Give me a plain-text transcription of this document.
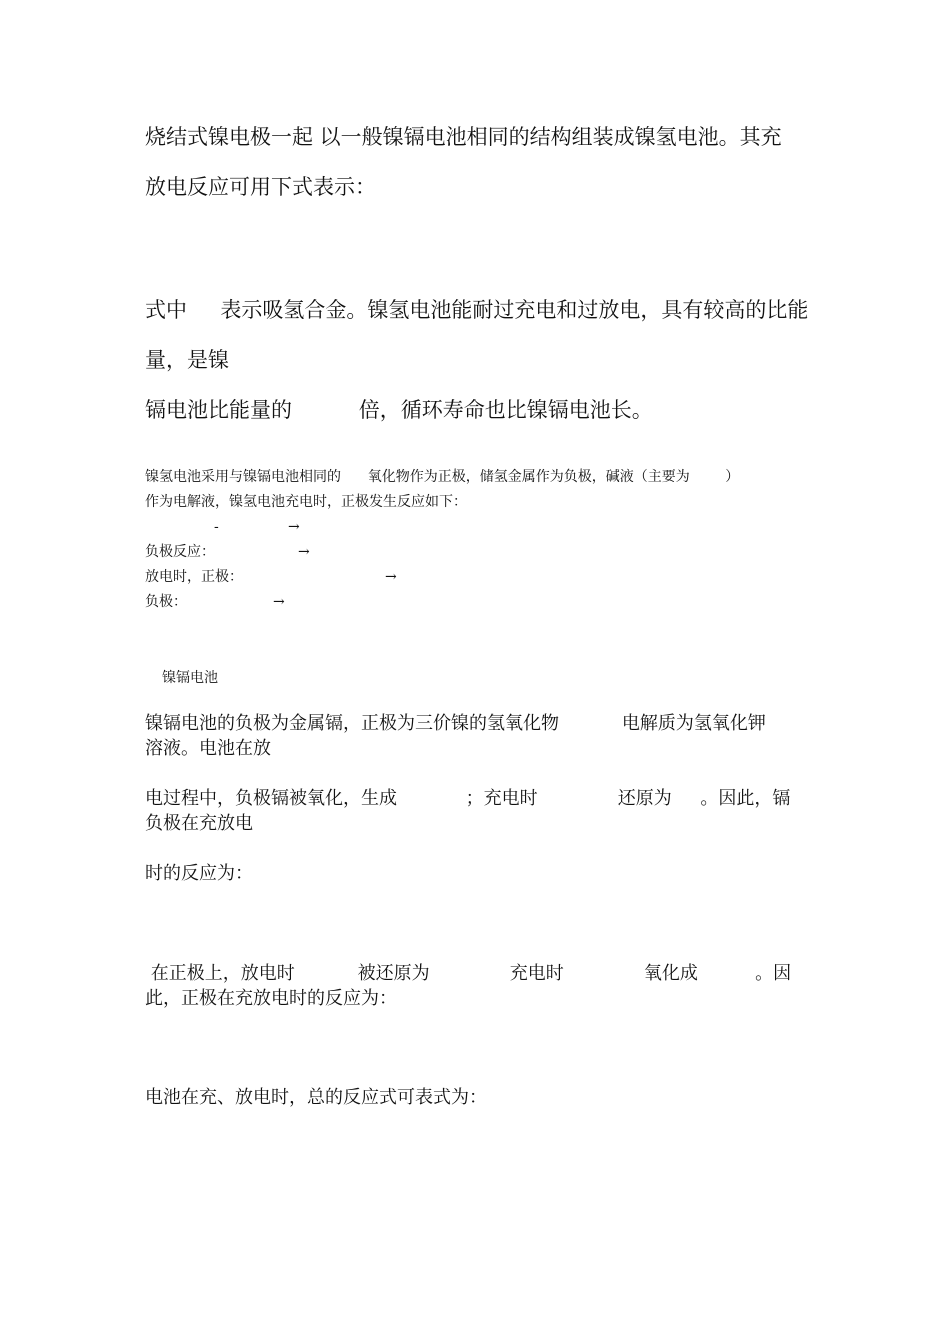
烧结式镍电极一起 以一般镍镉电池相同的结构组装成镍氢电池。其充
放电反应可用下式表示：
式中     表示吸氢合金。镍氢电池能耐过充电和过放电，具有较高的比能
量，是镍
镉电池比能量的          倍，循环寿命也比镍镉电池长。
镍氢电池采用与镍镉电池相同的      氧化物作为正极，储氢金属作为负极，碱液（主要为        ）
作为电解液，镍氢电池充电时，正极发生反应如下：
-	→
负极反应：	→
放电时，正极：	→
负极：	→
镍镉电池
镍镉电池的负极为金属镉，正极为三价镍的氢氧化物           电解质为氢氧化钾
溶液。电池在放
电过程中，负极镉被氧化，生成            ；充电时              还原为     。因此，镉
负极在充放电
时的反应为：
在正极上，放电时           被还原为              充电时              氧化成          。因
此，正极在充放电时的反应为：
电池在充、放电时，总的反应式可表式为：
